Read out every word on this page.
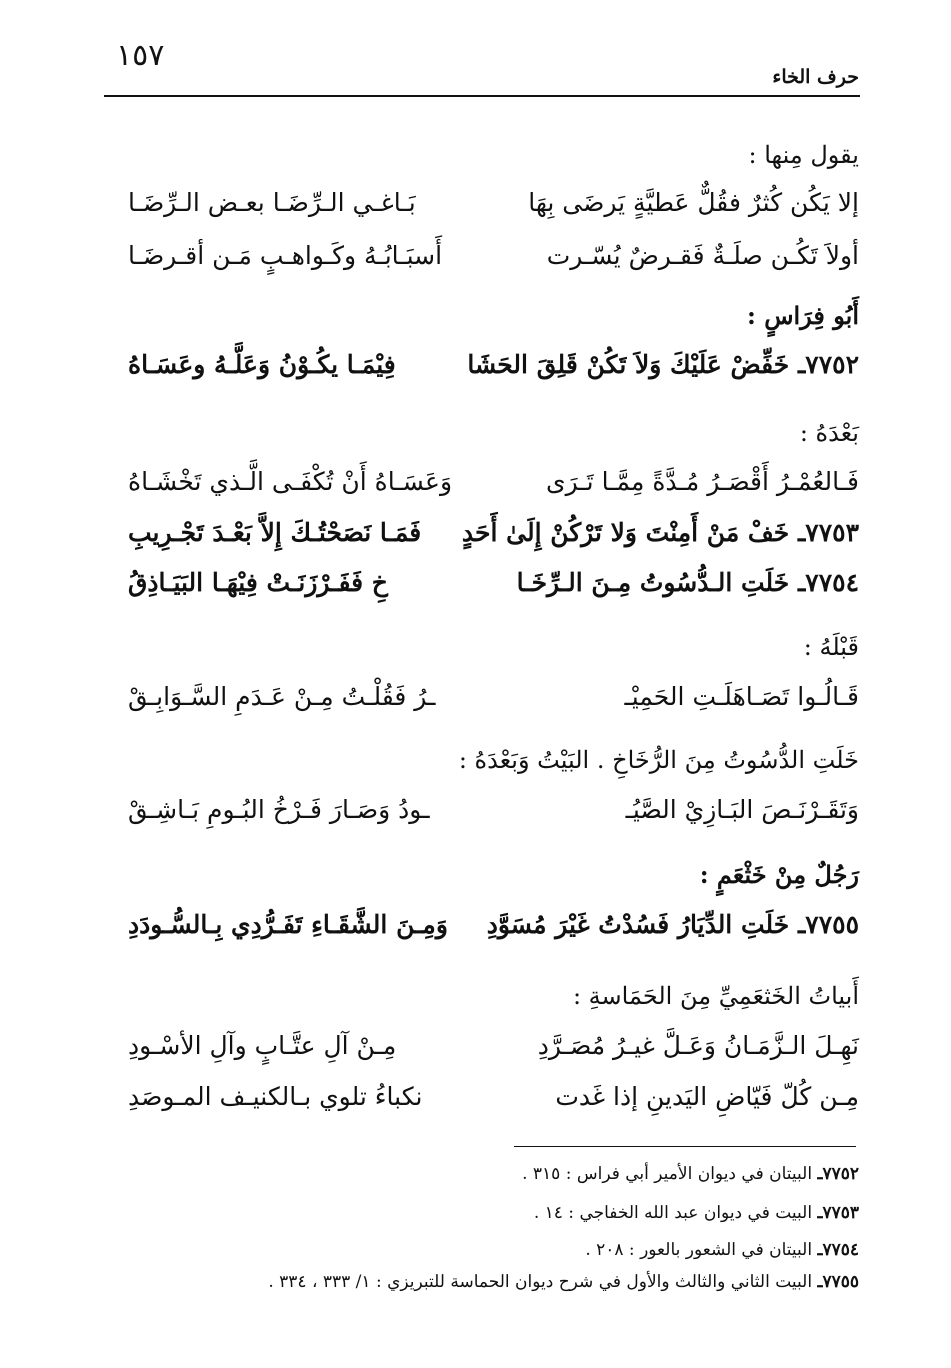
١٥٧
حرف الخاء
يقول مِنها :
إلا يَكُن كُثرٌ فقُلٌّ عَطيَّةٍ يَرضَى بِهَا
بَـاغـي الـرِّضَـا بعـض الـرِّضَـا
أولاَ تَكُـن صلَـةٌ فَقـرضٌ يُسّـرت
أَسبَـابُـهُ وكَـواهـبٍ مَـن أقـرضَـا
أَبُو فِرَاسٍ :
٧٧٥٢ـ خَفِّضْ عَلَيْكَ وَلاَ تَكُنْ قَلِقَ الحَشَا
فِيْمَـا يكُـوْنُ وَعَلَّـهُ وعَسَـاهُ
بَعْدَهُ :
فَـالعُمْـرُ أَقْصَـرُ مُـدَّةً مِمَّـا تَـرَى
وَعَسَـاهُ أَنْ تُكْفَـى الَّـذي تَخْشَـاهُ
٧٧٥٣ـ خَفْ مَنْ أَمِنْتَ وَلا تَرْكُنْ إِلَىٰ أَحَدٍ
فَمَـا نَصَحْتُـكَ إِلاَّ بَعْـدَ تَجْـرِيبِ
٧٧٥٤ـ خَلَتِ الـدُّسُوتُ مِـنَ الـرِّخَـا
خِ فَفَـرْزَنَـتْ فِيْهَـا البَيَـاذِقُ
قَبْلَهُ :
قَـالُـوا تَصَـاهَلَـتِ الحَمِيْـ
ـرُ فَقُلْـتُ مِـنْ عَـدَمِ السَّـوَابِـقْ
خَلَتِ الدُّسُوتُ مِنَ الرُّخَاخِ . البَيْتُ وَبَعْدَهُ :
وَتَقَـرْنَـصَ البَـازِيْ الصَّيُـ
ـودُ وَصَـارَ فَـرْخُ البُـومِ بَـاشِـقْ
رَجُلٌ مِنْ خَثْعَمٍ :
٧٧٥٥ـ خَلَتِ الدِّيَارُ فَسُدْتُ غَيْرَ مُسَوَّدِ
وَمِـنَ الشَّقَـاءِ تَفَـرُّدِي بِـالسُّـودَدِ
أَبياتُ الخَثعَمِيِّ مِنَ الحَمَاسةِ :
نَهِـلَ الـزَّمَـانُ وَعَـلَّ غيـرُ مُصَـرَّدِ
مِـنْ آلِ عتَّـابٍ وآلِ الأسْـودِ
مِـن كُلّ فَيّاضِ اليَدينِ إذا غَدت
نكباءُ تلوي بـالكنيـف المـوصَدِ
٧٧٥٢ـ البيتان في ديوان الأمير أبي فراس : ٣١٥ .
٧٧٥٣ـ البيت في ديوان عبد الله الخفاجي : ١٤ .
٧٧٥٤ـ البيتان في الشعور بالعور : ٢٠٨ .
٧٧٥٥ـ البيت الثاني والثالث والأول في شرح ديوان الحماسة للتبريزي : ١/ ٣٣٣ ، ٣٣٤ .
